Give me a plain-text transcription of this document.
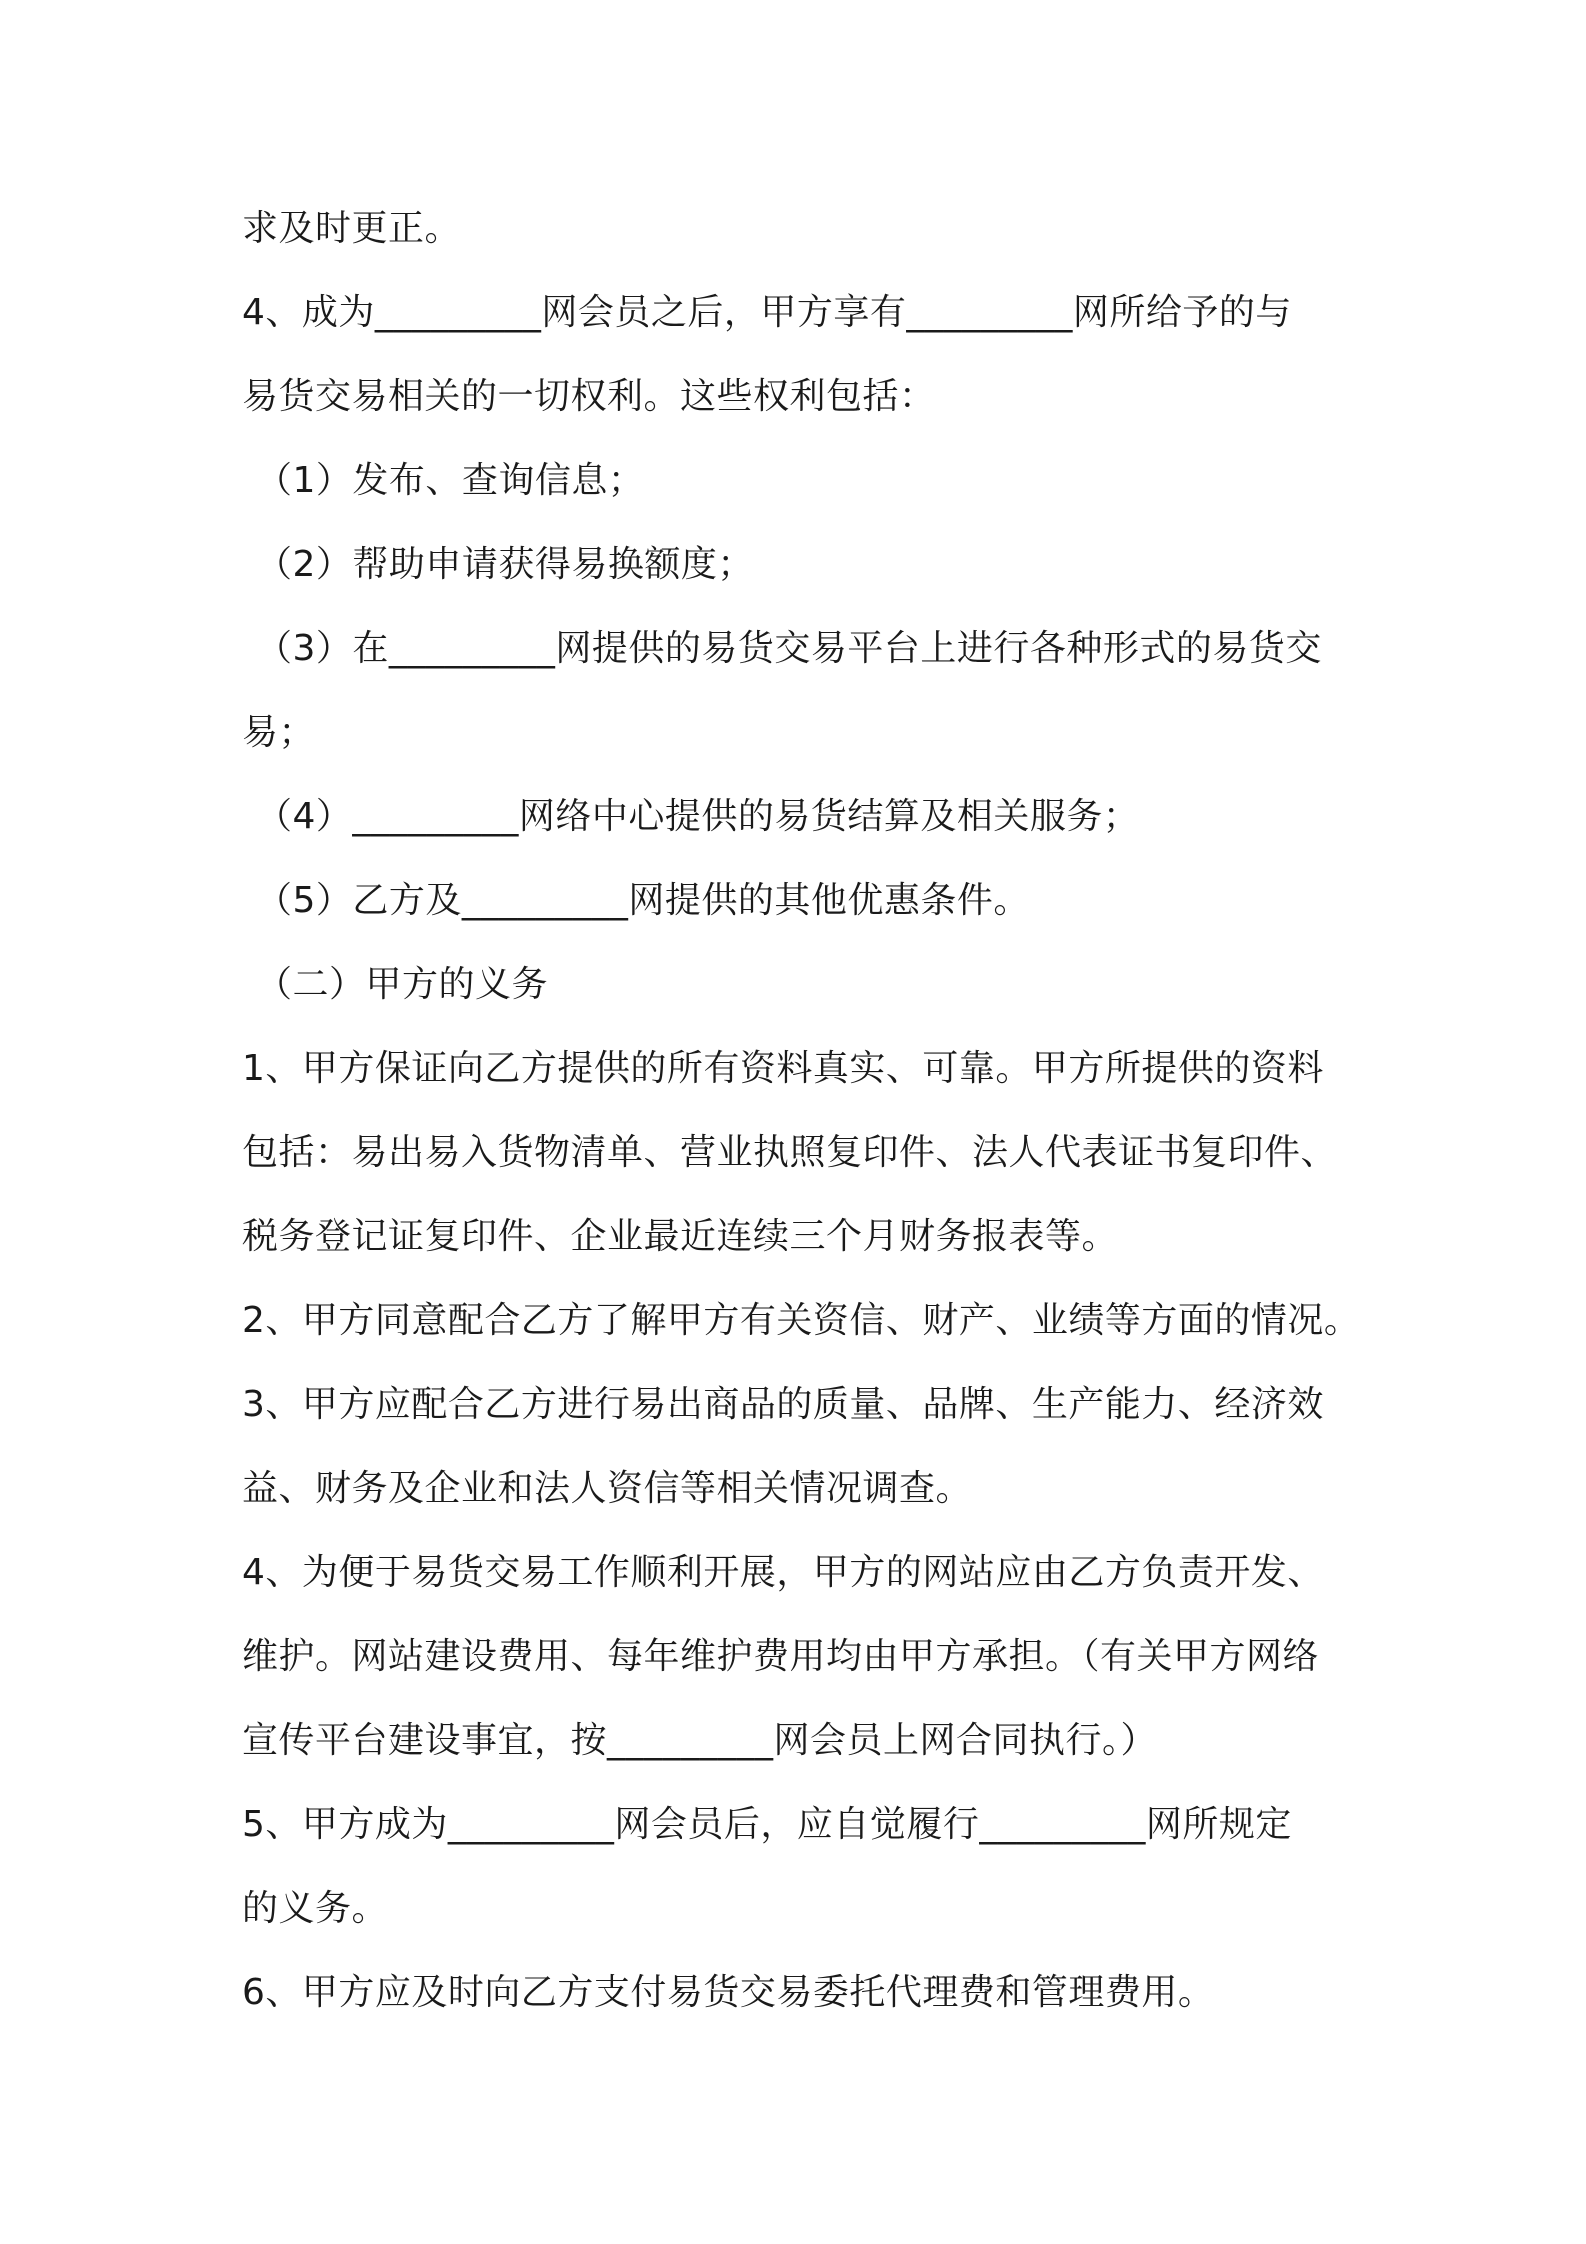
求及时更正。
4、成为_________网会员之后，甲方享有_________网所给予的与
易货交易相关的一切权利。这些权利包括：
（1）发布、查询信息；
（2）帮助申请获得易换额度；
（3）在_________网提供的易货交易平台上进行各种形式的易货交
易；
（4）_________网络中心提供的易货结算及相关服务；
（5）乙方及_________网提供的其他优惠条件。
（二）甲方的义务
1、甲方保证向乙方提供的所有资料真实、可靠。甲方所提供的资料
包括：易出易入货物清单、营业执照复印件、法人代表证书复印件、
税务登记证复印件、企业最近连续三个月财务报表等。
2、甲方同意配合乙方了解甲方有关资信、财产、业绩等方面的情况。
3、甲方应配合乙方进行易出商品的质量、品牌、生产能力、经济效
益、财务及企业和法人资信等相关情况调查。
4、为便于易货交易工作顺利开展，甲方的网站应由乙方负责开发、
维护。网站建设费用、每年维护费用均由甲方承担。（有关甲方网络
宣传平台建设事宜，按_________网会员上网合同执行。）
5、甲方成为_________网会员后，应自觉履行_________网所规定
的义务。
6、甲方应及时向乙方支付易货交易委托代理费和管理费用。
